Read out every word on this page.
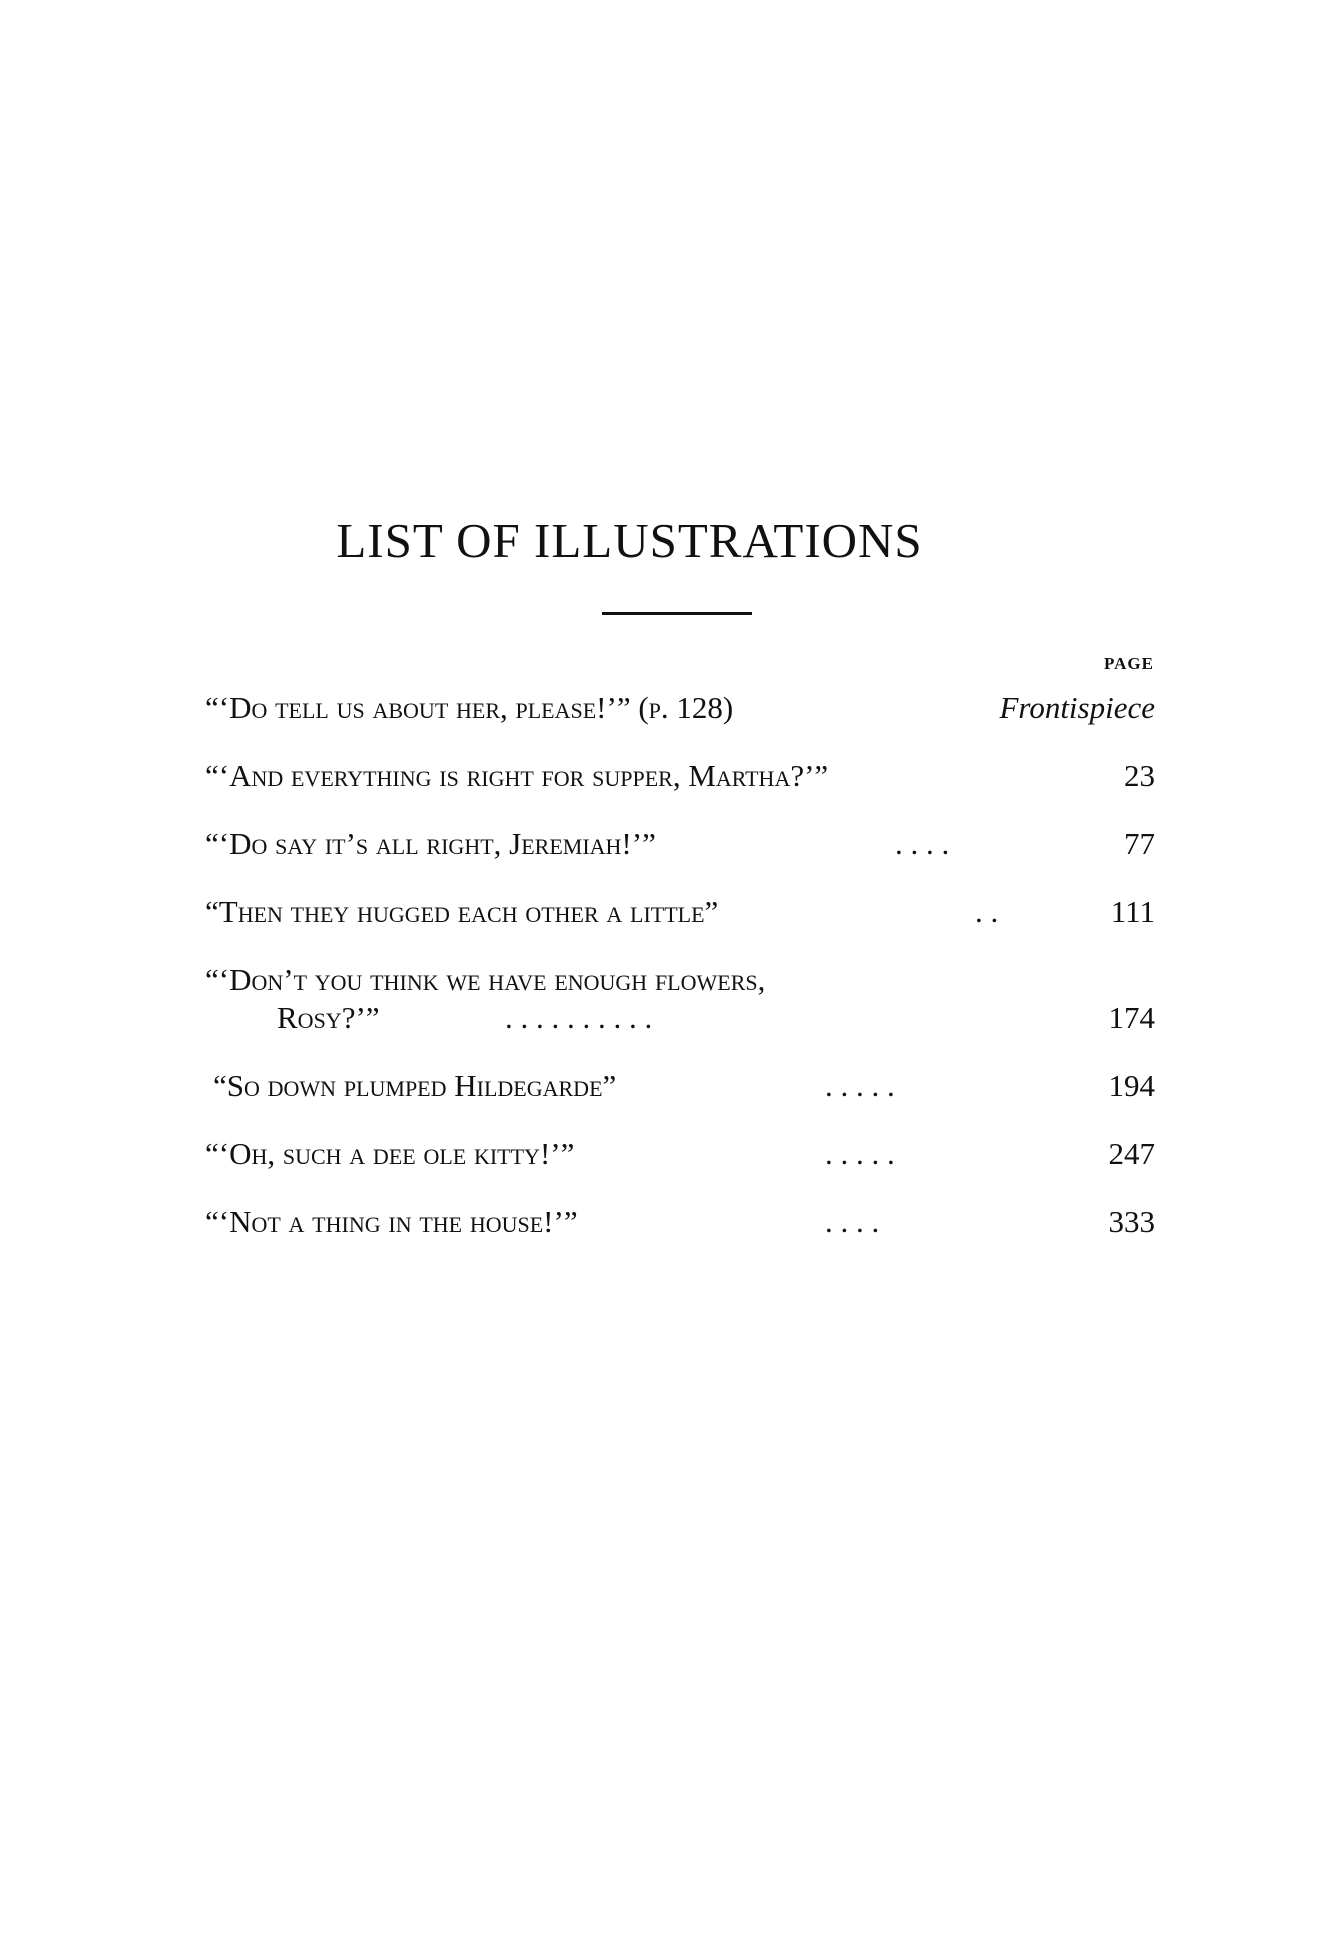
LIST OF ILLUSTRATIONS
PAGE
“‘Do tell us about her, please!’” (p. 128)	Frontispiece
“‘And everything is right for supper, Martha?’”	23
“‘Do say it’s all right, Jeremiah!’”	. . . .	77
“Then they hugged each other a little”	. .	111
“‘Don’t you think we have enough flowers,
Rosy?’”	. . . . . . . . . .	174
“So down plumped Hildegarde”	. . . . .	194
“‘Oh, such a dee ole kitty!’”	. . . . .	247
“‘Not a thing in the house!’”	. . . .	333
